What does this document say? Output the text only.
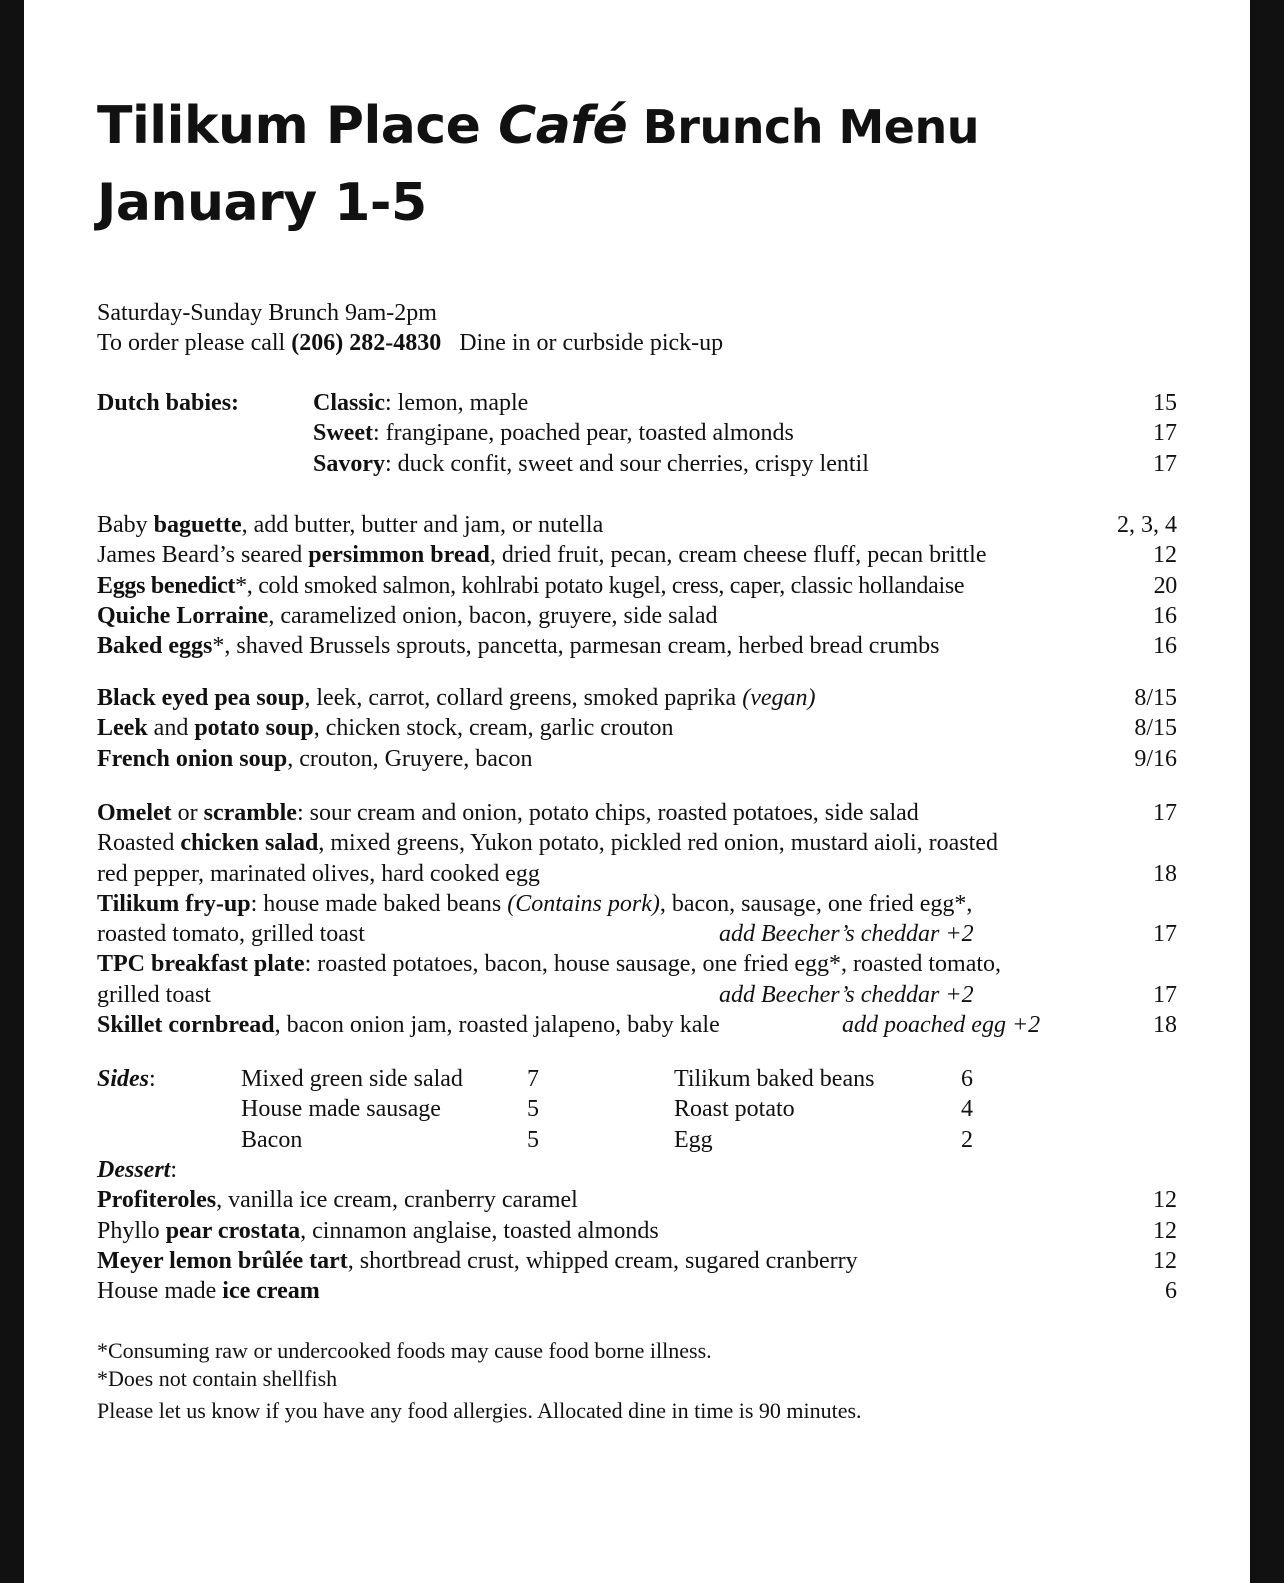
Tilikum Place Café Brunch Menu
January 1-5
Saturday-Sunday Brunch 9am-2pm
To order please call (206) 282-4830   Dine in or curbside pick-up
Dutch babies:	Classic: lemon, maple	15
Sweet: frangipane, poached pear, toasted almonds	17
Savory: duck confit, sweet and sour cherries, crispy lentil	17
Baby baguette, add butter, butter and jam, or nutella	2, 3, 4
James Beard’s seared persimmon bread, dried fruit, pecan, cream cheese fluff, pecan brittle	12
Eggs benedict*, cold smoked salmon, kohlrabi potato kugel, cress, caper, classic hollandaise	20
Quiche Lorraine, caramelized onion, bacon, gruyere, side salad	16
Baked eggs*, shaved Brussels sprouts, pancetta, parmesan cream, herbed bread crumbs	16
Black eyed pea soup, leek, carrot, collard greens, smoked paprika (vegan)	8/15
Leek and potato soup, chicken stock, cream, garlic crouton	8/15
French onion soup, crouton, Gruyere, bacon	9/16
Omelet or scramble: sour cream and onion, potato chips, roasted potatoes, side salad	17
Roasted chicken salad, mixed greens, Yukon potato, pickled red onion, mustard aioli, roasted
red pepper, marinated olives, hard cooked egg	18
Tilikum fry-up: house made baked beans (Contains pork), bacon, sausage, one fried egg*,
roasted tomato, grilled toast	add Beecher’s cheddar +2	17
TPC breakfast plate: roasted potatoes, bacon, house sausage, one fried egg*, roasted tomato,
grilled toast	add Beecher’s cheddar +2	17
Skillet cornbread, bacon onion jam, roasted jalapeno, baby kale	add poached egg +2	18
Sides:	Mixed green side salad	7	Tilikum baked beans	6
House made sausage	5	Roast potato	4
Bacon	5	Egg	2
Dessert:
Profiteroles, vanilla ice cream, cranberry caramel	12
Phyllo pear crostata, cinnamon anglaise, toasted almonds	12
Meyer lemon brûlée tart, shortbread crust, whipped cream, sugared cranberry	12
House made ice cream	6
*Consuming raw or undercooked foods may cause food borne illness.
*Does not contain shellfish
Please let us know if you have any food allergies. Allocated dine in time is 90 minutes.
